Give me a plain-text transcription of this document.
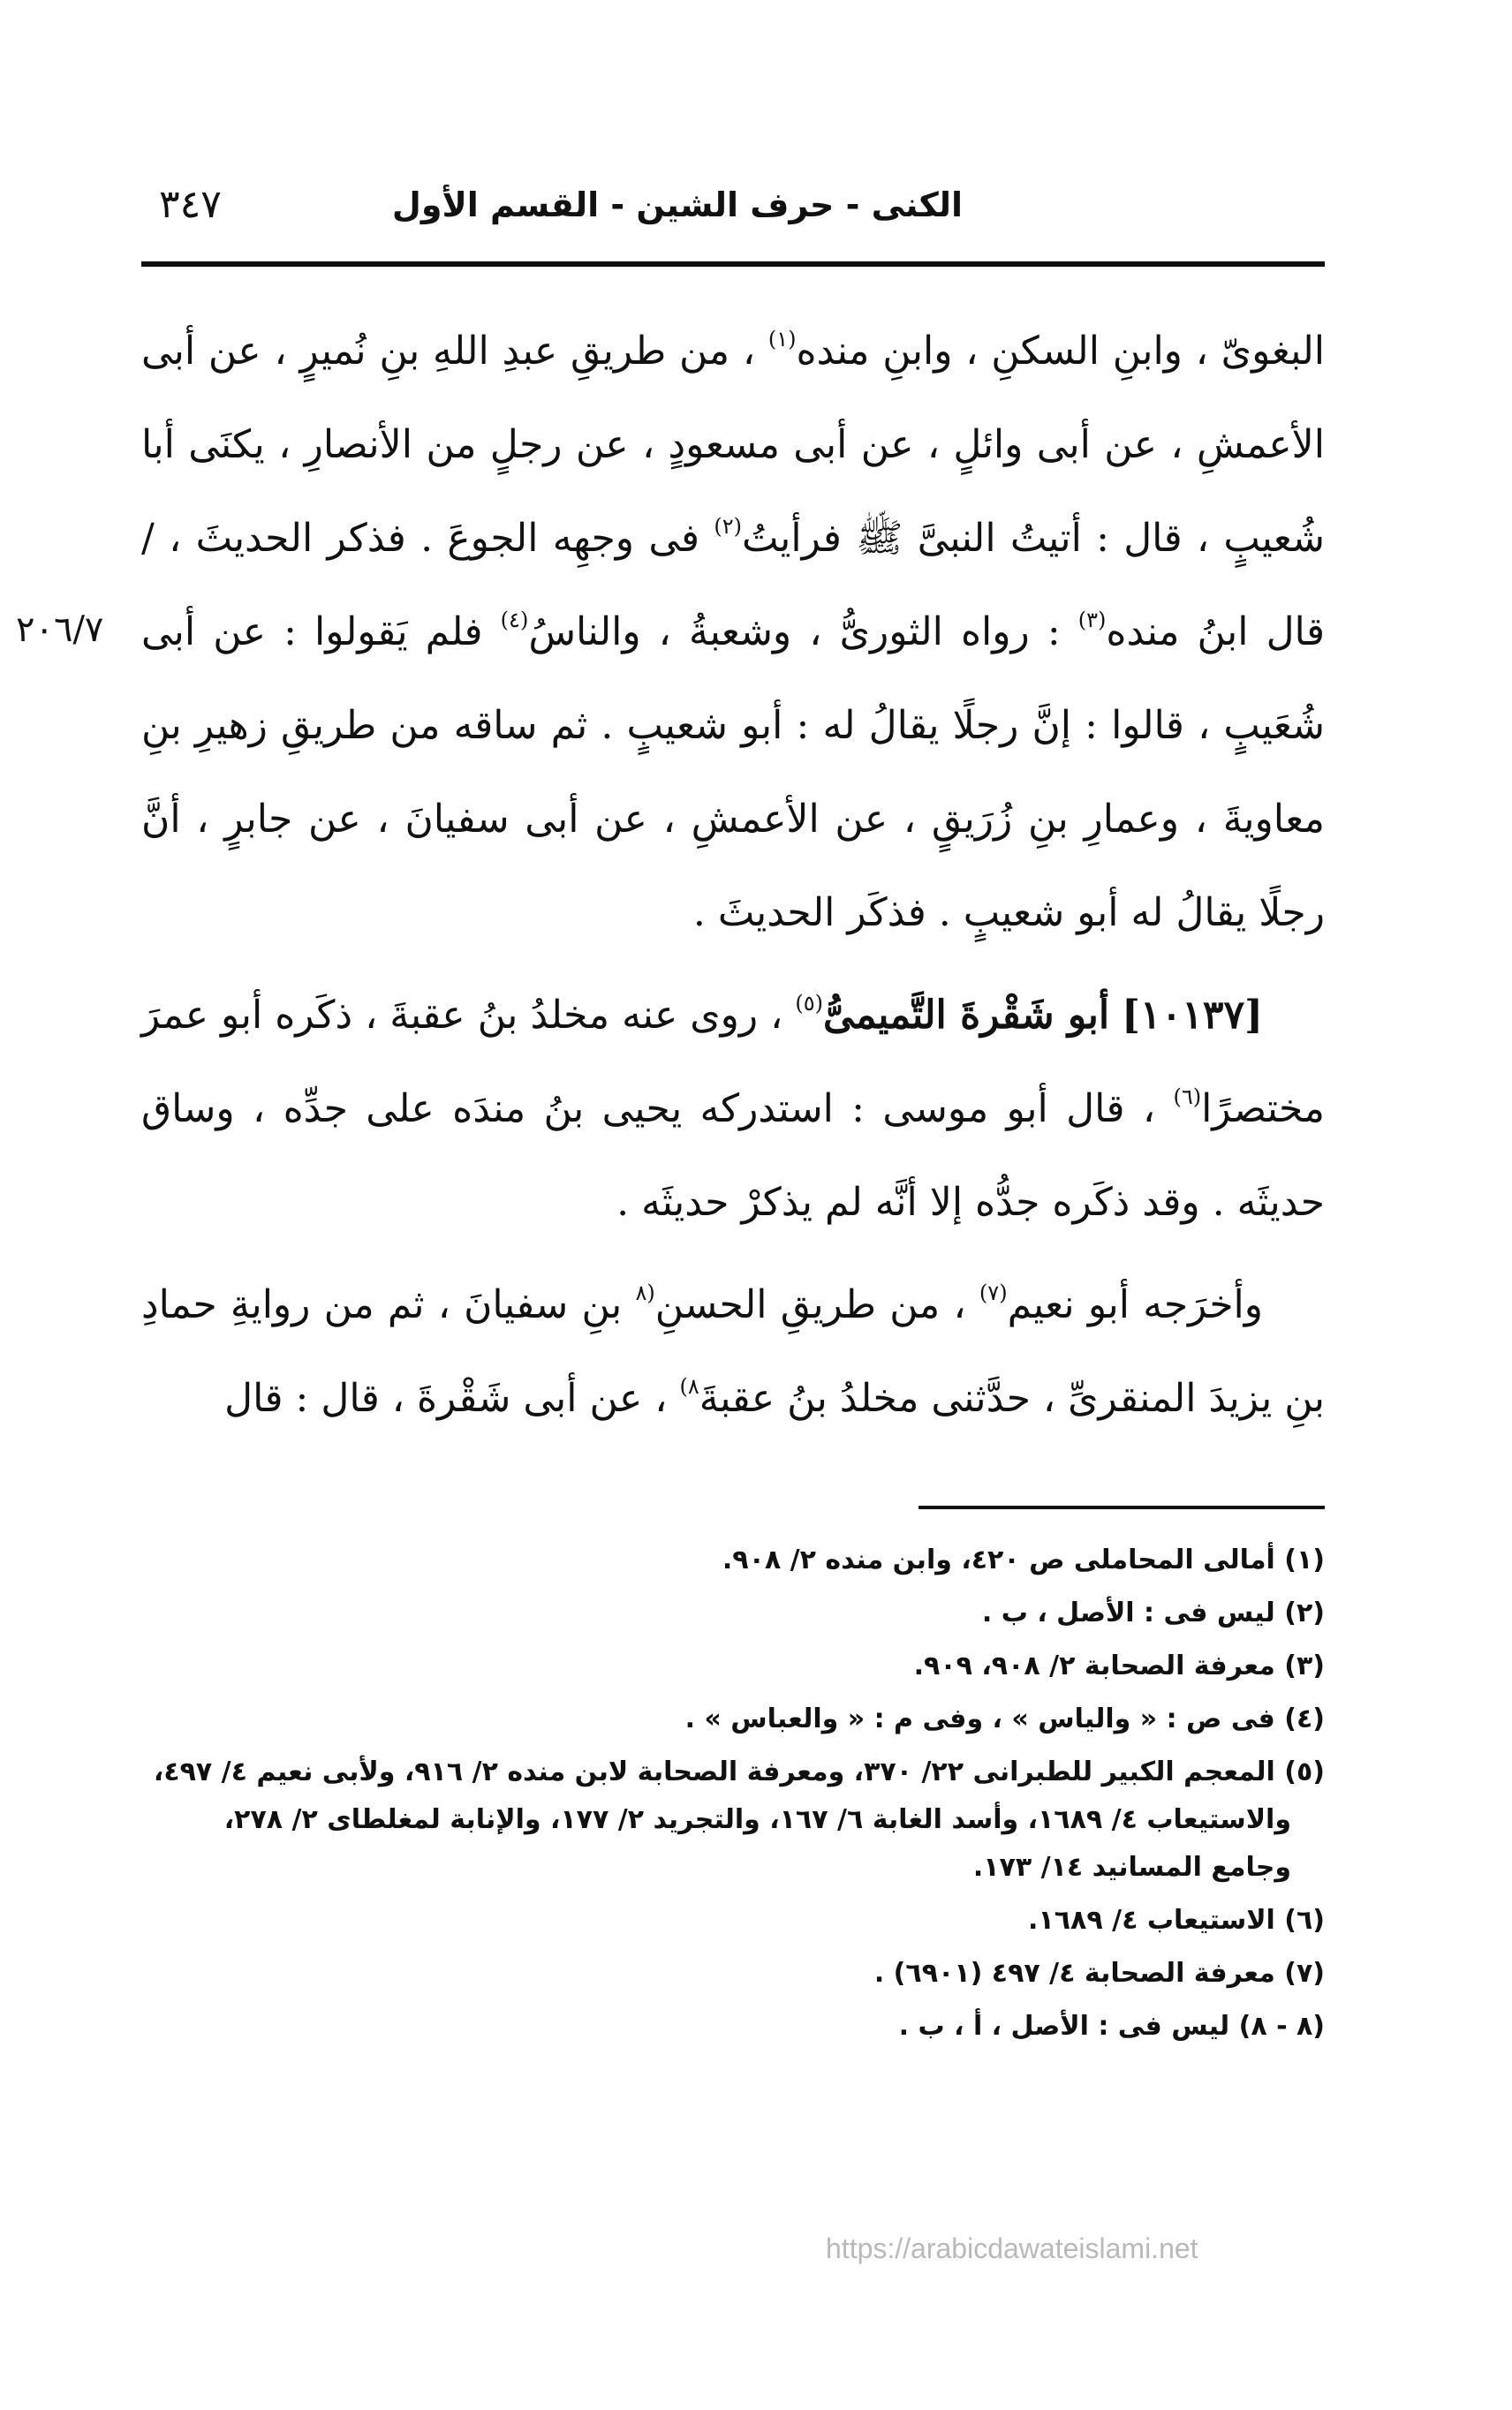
٣٤٧	الكنى - حرف الشين - القسم الأول
٢٠٦/٧

البغوىّ ، وابنِ السكنِ ، وابنِ منده$^{(١)}$ ، من طريقِ عبدِ اللهِ بنِ نُميرٍ ، عن أبى الأعمشِ ، عن أبى وائلٍ ، عن أبى مسعودٍ ، عن رجلٍ من الأنصارِ ، يكنَى أبا شُعيبٍ ، قال : أتيتُ النبىَّ ﷺ فرأيتُ$^{(٢)}$ فى وجهِه الجوعَ . فذكر الحديثَ ، /قال ابنُ منده$^{(٣)}$ : رواه الثورىُّ ، وشعبةُ ، والناسُ$^{(٤)}$ فلم يَقولوا : عن أبى شُعَيبٍ ، قالوا : إنَّ رجلًا يقالُ له : أبو شعيبٍ . ثم ساقه من طريقِ زهيرِ بنِ معاويةَ ، وعمارِ بنِ زُرَيقٍ ، عن الأعمشِ ، عن أبى سفيانَ ، عن جابرٍ ، أنَّ رجلًا يقالُ له أبو شعيبٍ . فذكَر الحديثَ .

[١٠١٣٧] أبو شَقْرةَ التَّميمىُّ$^{(٥)}$ ، روى عنه مخلدُ بنُ عقبةَ ، ذكَره أبو عمرَ مختصرًا$^{(٦)}$ ، قال أبو موسى : استدركه يحيى بنُ مندَه على جدِّه ، وساق حديثَه . وقد ذكَره جدُّه إلا أنَّه لم يذكرْ حديثَه .

وأخرَجه أبو نعيم$^{(٧)}$ ، من طريقِ الحسنِ$^{(٨}$ بنِ سفيانَ ، ثم من روايةِ حمادِ بنِ يزيدَ المنقرىِّ ، حدَّثنى مخلدُ بنُ عقبةَ$^{٨)}$ ، عن أبى شَقْرةَ ، قال : قال

(١) أمالى المحاملى ص ٤٢٠، وابن منده ٢/ ٩٠٨.
(٢) ليس فى : الأصل ، ب .
(٣) معرفة الصحابة ٢/ ٩٠٨، ٩٠٩.
(٤) فى ص : « والياس » ، وفى م : « والعباس » .
(٥) المعجم الكبير للطبرانى ٢٢/ ٣٧٠، ومعرفة الصحابة لابن منده ٢/ ٩١٦، ولأبى نعيم ٤/ ٤٩٧،
والاستيعاب ٤/ ١٦٨٩، وأسد الغابة ٦/ ١٦٧، والتجريد ٢/ ١٧٧، والإنابة لمغلطاى ٢/ ٢٧٨،
وجامع المسانيد ١٤/ ١٧٣.
(٦) الاستيعاب ٤/ ١٦٨٩.
(٧) معرفة الصحابة ٤/ ٤٩٧ (٦٩٠١) .
(٨ - ٨) ليس فى : الأصل ، أ ، ب .
https://arabicdawateislami.net
